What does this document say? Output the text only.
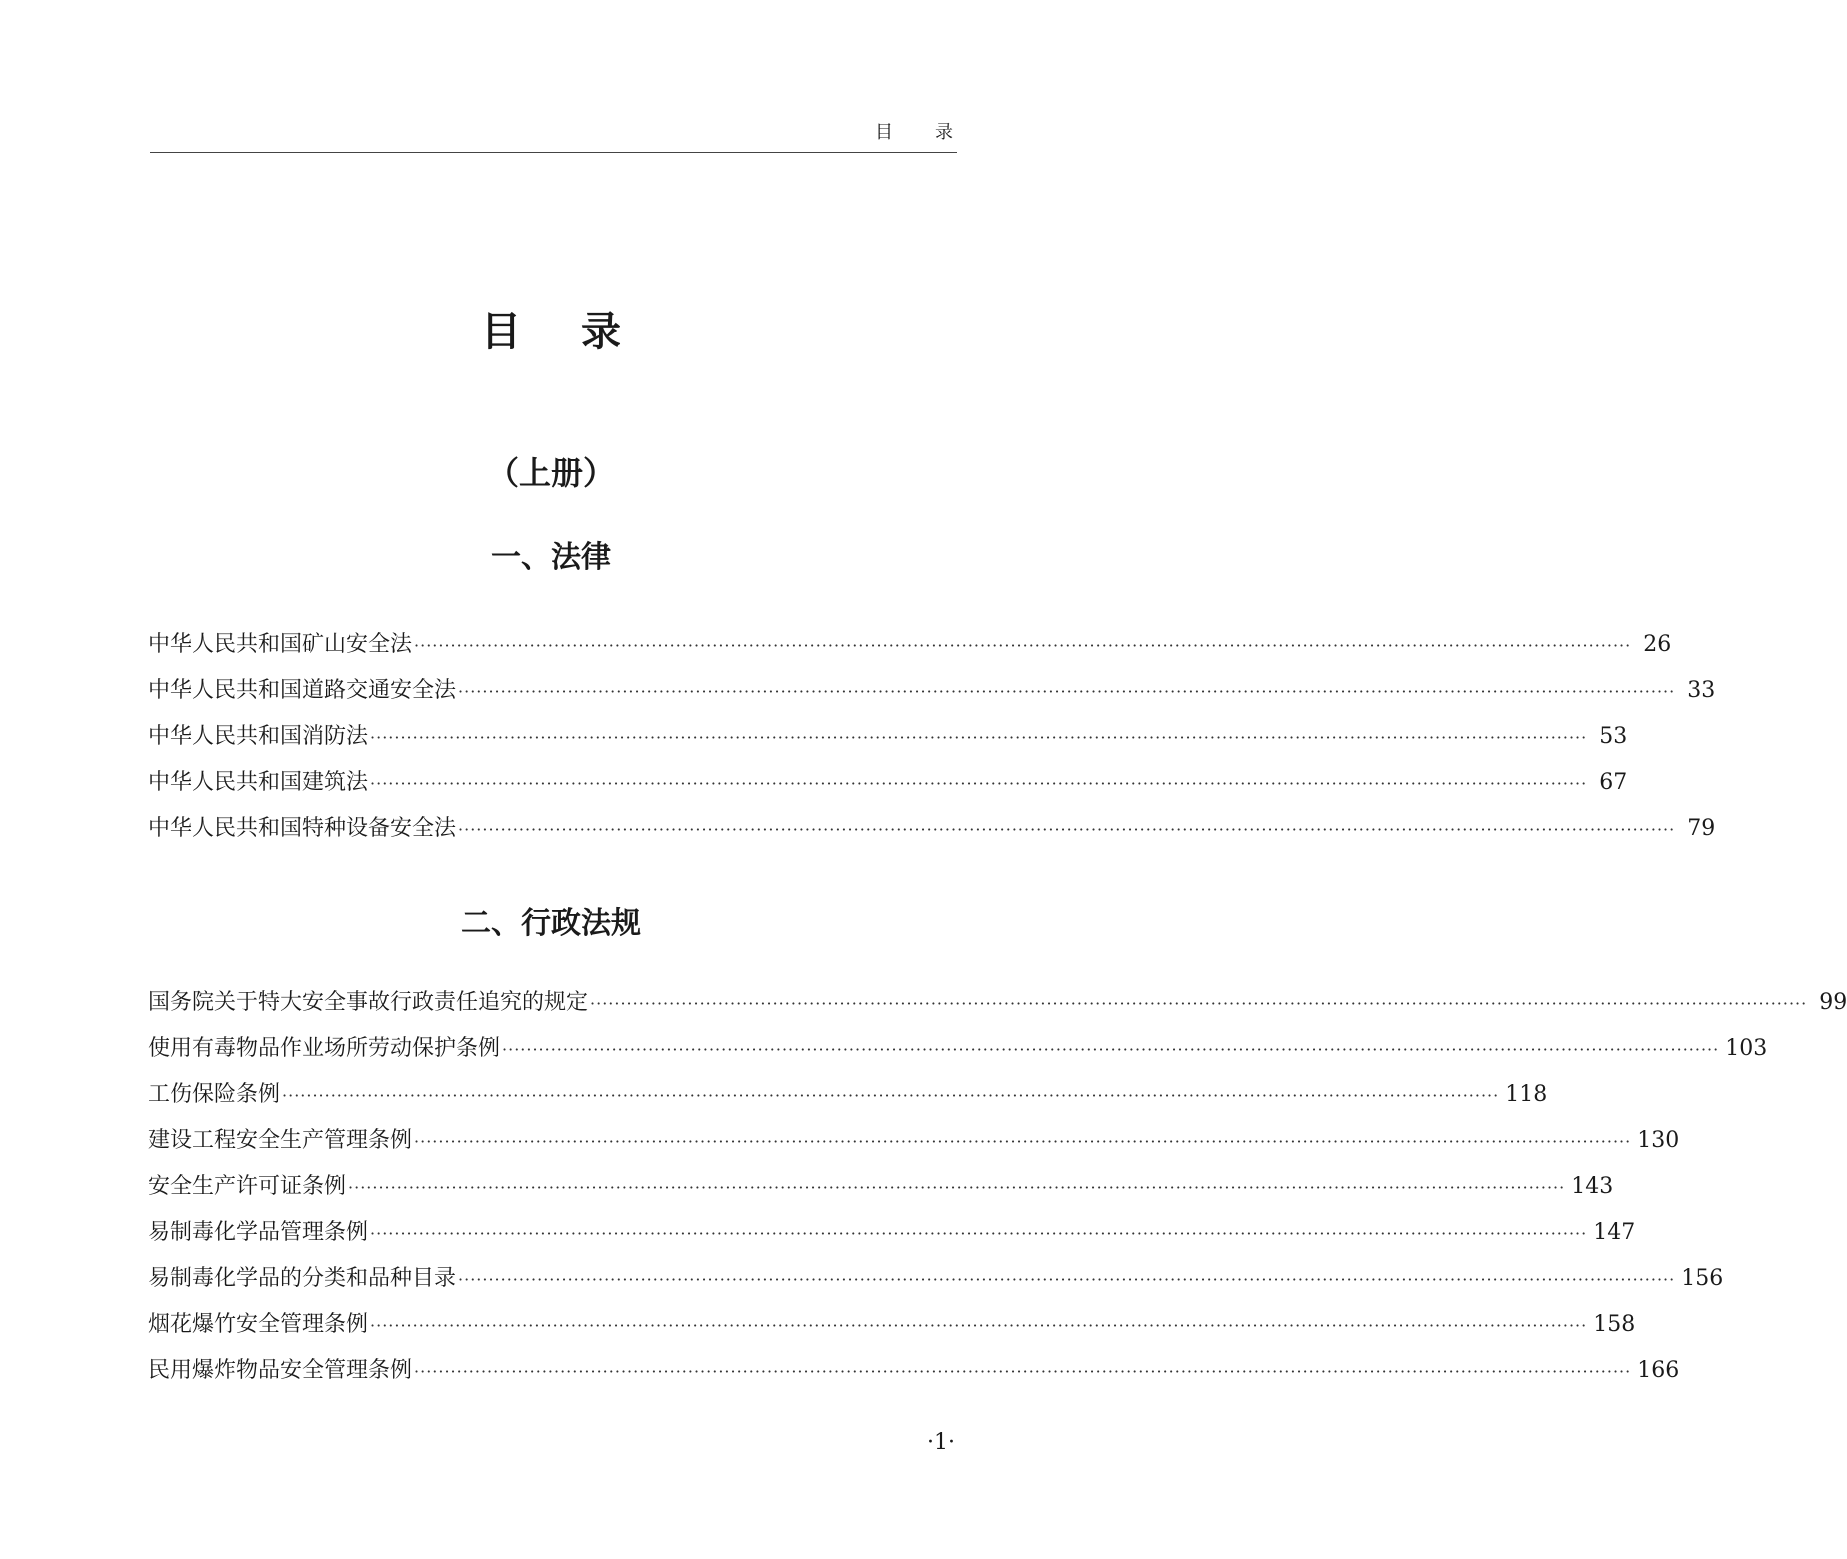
目录
目录
（上册）
一、法律
中华人民共和国矿山安全法 ········································································································································································································ 26
中华人民共和国道路交通安全法 ········································································································································································································ 33
中华人民共和国消防法 ········································································································································································································ 53
中华人民共和国建筑法 ········································································································································································································ 67
中华人民共和国特种设备安全法 ········································································································································································································ 79
二、行政法规
国务院关于特大安全事故行政责任追究的规定 ········································································································································································································ 99
使用有毒物品作业场所劳动保护条例 ········································································································································································································ 103
工伤保险条例 ········································································································································································································ 118
建设工程安全生产管理条例 ········································································································································································································ 130
安全生产许可证条例 ········································································································································································································ 143
易制毒化学品管理条例 ········································································································································································································ 147
易制毒化学品的分类和品种目录 ········································································································································································································ 156
烟花爆竹安全管理条例 ········································································································································································································ 158
民用爆炸物品安全管理条例 ········································································································································································································ 166
·1·
